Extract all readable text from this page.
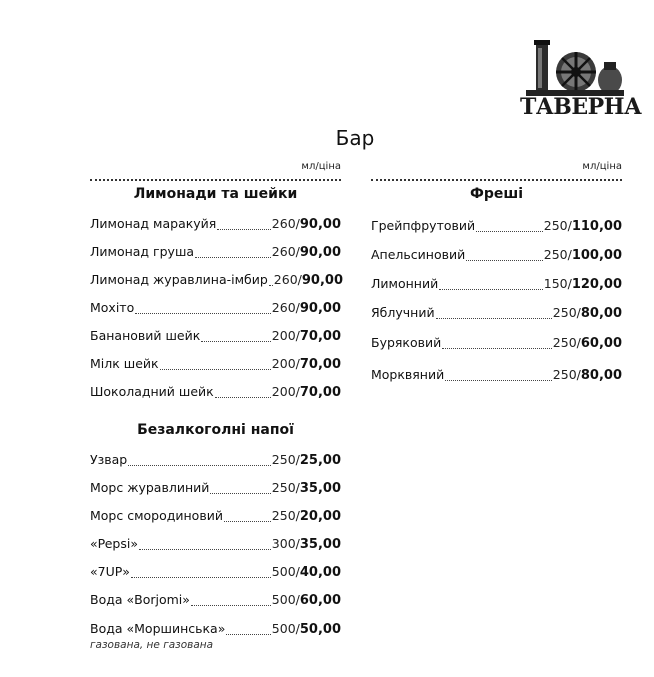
ТАВЕРНА
Бар
мл/ціна
Лимонади та шейки
Лимонад маракуйя	260 / 90,00
Лимонад груша	260 / 90,00
Лимонад журавлина-імбир 260 / 90,00
Мохіто	260 / 90,00
Банановий шейк	200 / 70,00
Мілк шейк	200 / 70,00
Шоколадний шейк	200 / 70,00
Безалкоголні напої
Узвар	250 / 25,00
Морс журавлиний	250 / 35,00
Морс смородиновий	250 / 20,00
«Pepsi»	300 / 35,00
«7UP»	500 / 40,00
Вода «Borjomi»	500 / 60,00
Вода «Моршинська»	500 / 50,00
газована, не газована
мл/ціна
Фреші
Грейпфрутовий	250 / 110,00
Апельсиновий	250 / 100,00
Лимонний	150 / 120,00
Яблучний	250 / 80,00
Буряковий	250 / 60,00
Морквяний	250 / 80,00
